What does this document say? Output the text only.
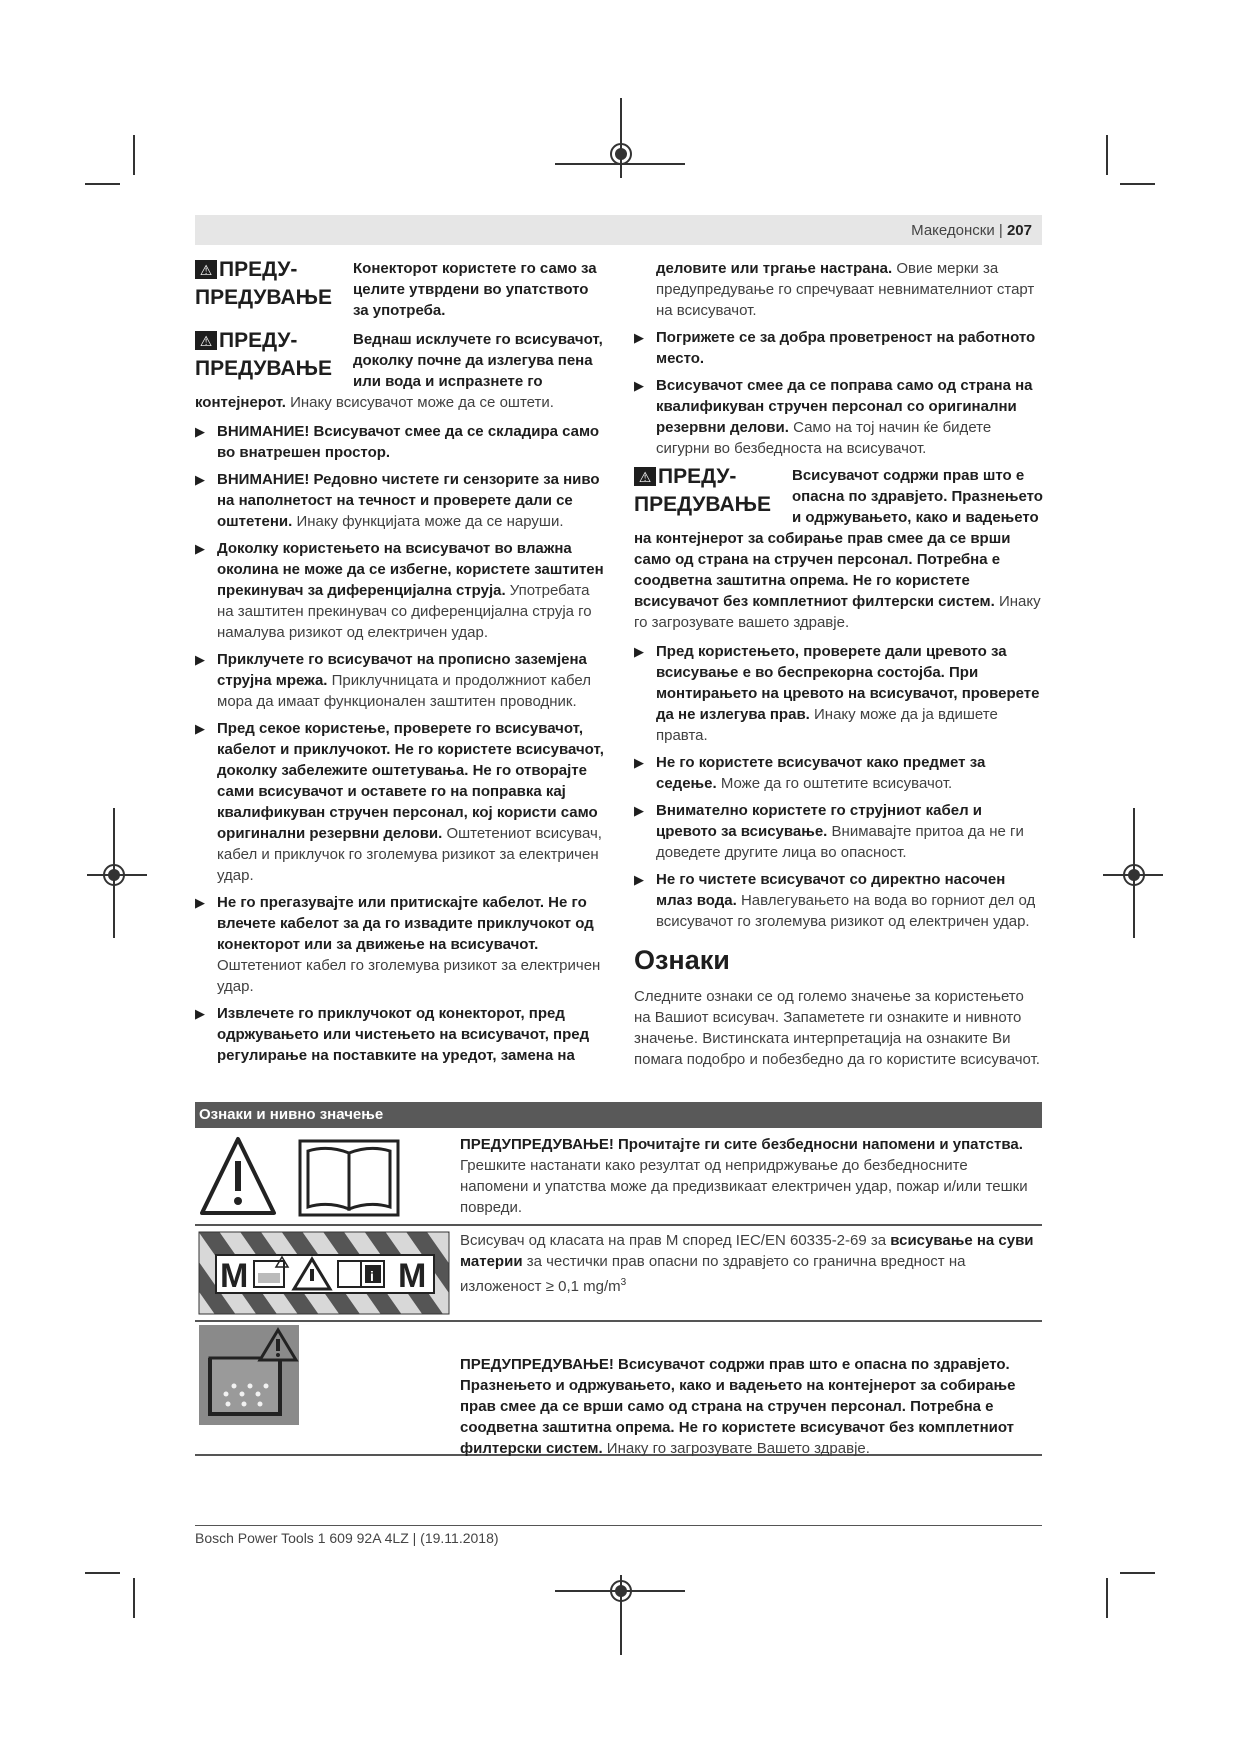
Македонски | 207
⚠ ПРЕДУ-ПРЕДУВАЊЕ
Конекторот користете го само за целите утврдени во упатството за употреба.
⚠ ПРЕДУ-ПРЕДУВАЊЕ
Веднаш исклучете го всисувачот, доколку почне да излегува пена или вода и испразнете го контејнерот. Инаку всисувачот може да се оштети.
▶ ВНИМАНИЕ! Всисувачот смее да се складира само во внатрешен простор.
▶ ВНИМАНИЕ! Редовно чистете ги сензорите за ниво на наполнетост на течност и проверете дали се оштетени. Инаку функцијата може да се наруши.
▶ Доколку користењето на всисувачот во влажна околина не може да се избегне, користете заштитен прекинувач за диференцијална струја. Употребата на заштитен прекинувач со диференцијална струја го намалува ризикот од електричен удар.
▶ Приклучете го всисувачот на прописно заземјена струјна мрежа. Приклучницата и продолжниот кабел мора да имаат функционален заштитен проводник.
▶ Пред секое користење, проверете го всисувачот, кабелот и приклучокот. Не го користете всисувачот, доколку забележите оштетувања. Не го отворајте сами всисувачот и оставете го на поправка кај квалификуван стручен персонал, кој користи само оригинални резервни делови. Оштетениот всисувач, кабел и приклучок го зголемува ризикот за електричен удар.
▶ Не го прегазувајте или притискајте кабелот. Не го влечете кабелот за да го извадите приклучокот од конекторот или за движење на всисувачот. Оштетениот кабел го зголемува ризикот за електричен удар.
▶ Извлечете го приклучокот од конекторот, пред одржувањето или чистењето на всисувачот, пред регулирање на поставките на уредот, замена на
деловите или тргање настрана. Овие мерки за предупредување го спречуваат невнимателниот старт на всисувачот.
▶ Погрижете се за добра проветреност на работното место.
▶ Всисувачот смее да се поправа само од страна на квалификуван стручен персонал со оригинални резервни делови. Само на тој начин ќе бидете сигурни во безбедноста на всисувачот.
⚠ ПРЕДУ-ПРЕДУВАЊЕ
Всисувачот содржи прав што е опасна по здравјето. Празнењето и одржувањето, како и вадењето на контејнерот за собирање прав смее да се врши само од страна на стручен персонал. Потребна е соодветна заштитна опрема. Не го користете всисувачот без комплетниот филтерски систем. Инаку го загрозувате вашето здравје.
▶ Пред користењето, проверете дали цревото за всисување е во беспрекорна состојба. При монтирањето на цревото на всисувачот, проверете да не излегува прав. Инаку може да ја вдишете правта.
▶ Не го користете всисувачот како предмет за седење. Може да го оштетите всисувачот.
▶ Внимателно користете го струјниот кабел и цревото за всисување. Внимавајте притоа да не ги доведете другите лица во опасност.
▶ Не го чистете всисувачот со директно насочен млаз вода. Навлегувањето на вода во горниот дел од всисувачот го зголемува ризикот од електричен удар.
Ознаки
Следните ознаки се од големо значење за користењето на Вашиот всисувач. Запаметете ги ознаките и нивното значење. Вистинската интерпретација на ознаките Ви помага подобро и побезбедно да го користите всисувачот.
Ознаки и нивно значење
ПРЕДУПРЕДУВАЊЕ! Прочитајте ги сите безбедносни напомени и упатства. Грешките настанати како резултат од непридржување до безбедносните напомени и упатства може да предизвикаат електричен удар, пожар и/или тешки повреди.
M	i M
Всисувач од класата на прав M според IEC/EN 60335-2-69 за всисување на суви материи за честички прав опасни по здравјето со гранична вредност на изложеност ≥ 0,1 $mg/m^3$
ПРЕДУПРЕДУВАЊЕ! Всисувачот содржи прав што е опасна по здравјето. Празнењето и одржувањето, како и вадењето на контејнерот за собирање прав смее да се врши само од страна на стручен персонал. Потребна е соодветна заштитна опрема. Не го користете всисувачот без комплетниот филтерски систем. Инаку го загрозувате Вашето здравје.
Bosch Power Tools 1 609 92A 4LZ | (19.11.2018)
